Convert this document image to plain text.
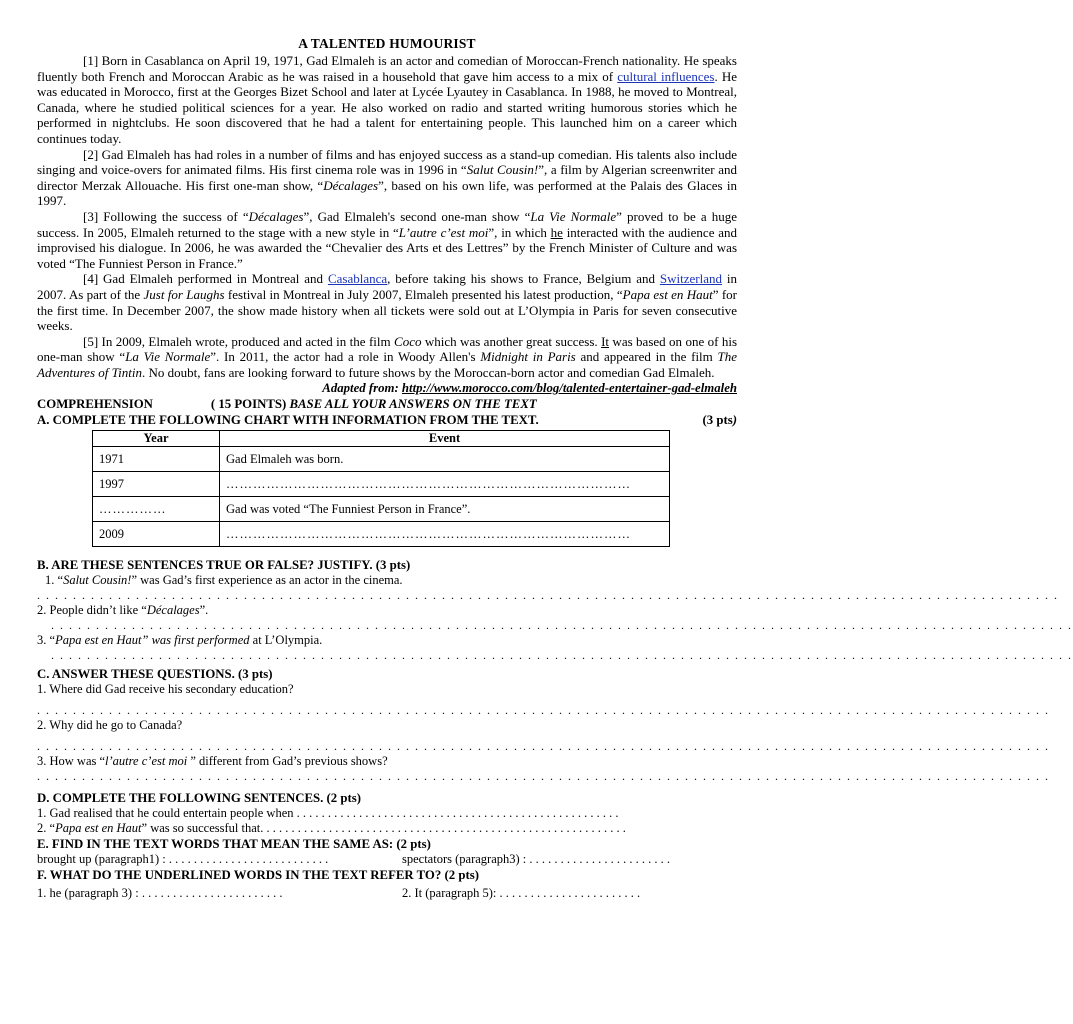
A TALENTED HUMOURIST

[1] Born in Casablanca on April 19, 1971, Gad Elmaleh is an actor and comedian of Moroccan-French nationality. He speaks fluently both French and Moroccan Arabic as he was raised in a household that gave him access to a mix of cultural influences. He was educated in Morocco, first at the Georges Bizet School and later at Lycée Lyautey in Casablanca. In 1988, he moved to Montreal, Canada, where he studied political sciences for a year. He also worked on radio and started writing humorous stories which he performed in nightclubs. He soon discovered that he had a talent for entertaining people. This launched him on a career which continues today.

[2] Gad Elmaleh has had roles in a number of films and has enjoyed success as a stand-up comedian. His talents also include singing and voice-overs for animated films. His first cinema role was in 1996 in “Salut Cousin!”, a film by Algerian screenwriter and director Merzak Allouache. His first one-man show, “Décalages”, based on his own life, was performed at the Palais des Glaces in 1997.

[3] Following the success of “Décalages”, Gad Elmaleh's second one-man show “La Vie Normale” proved to be a huge success. In 2005, Elmaleh returned to the stage with a new style in “L’autre c’est moi”, in which he interacted with the audience and improvised his dialogue. In 2006, he was awarded the “Chevalier des Arts et des Lettres” by the French Minister of Culture and was voted “The Funniest Person in France.”

[4] Gad Elmaleh performed in Montreal and Casablanca, before taking his shows to France, Belgium and Switzerland in 2007. As part of the Just for Laughs festival in Montreal in July 2007, Elmaleh presented his latest production, “Papa est en Haut” for the first time. In December 2007, the show made history when all tickets were sold out at L’Olympia in Paris for seven consecutive weeks.

[5] In 2009, Elmaleh wrote, produced and acted in the film Coco which was another great success. It was based on one of his one-man show “La Vie Normale”. In 2011, the actor had a role in Woody Allen's Midnight in Paris and appeared in the film The Adventures of Tintin. No doubt, fans are looking forward to future shows by the Moroccan-born actor and comedian Gad Elmaleh.

Adapted from: http://www.morocco.com/blog/talented-entertainer-gad-elmaleh

COMPREHENSION	( 15 POINTS) BASE ALL YOUR ANSWERS ON THE TEXT

A. COMPLETE THE FOLLOWING CHART WITH INFORMATION FROM THE TEXT.	(3 pts)

Year	Event
1971	Gad Elmaleh was born.
1997	………………………………………………………………………………
……………	Gad was voted “The Funniest Person in France”.
2009	………………………………………………………………………………

B. ARE THESE SENTENCES TRUE OR FALSE? JUSTIFY. (3 pts)

1. “Salut Cousin!” was Gad’s first experience as an actor in the cinema.

. . . . . . . . . . . . . . . . . . . . . . . . . . . . . . . . . . . . . . . . . . . . . . . . . . . . . . . . . . . . . . . . . . . . . . . . . . . . . . . . . . . . . . . . . . . . . . . . . . . . . . . . . . . . . . . . . .

2. People didn’t like “Décalages”.

. . . . . . . . . . . . . . . . . . . . . . . . . . . . . . . . . . . . . . . . . . . . . . . . . . . . . . . . . . . . . . . . . . . . . . . . . . . . . . . . . . . . . . . . . . . . . . . . . . . . . . . . . . . . . . . . . .

3. “Papa est en Haut” was first performed at L’Olympia.

. . . . . . . . . . . . . . . . . . . . . . . . . . . . . . . . . . . . . . . . . . . . . . . . . . . . . . . . . . . . . . . . . . . . . . . . . . . . . . . . . . . . . . . . . . . . . . . . . . . . . . . . . . . . . . . . . .

C. ANSWER THESE QUESTIONS. (3 pts)

1. Where did Gad receive his secondary education?

. . . . . . . . . . . . . . . . . . . . . . . . . . . . . . . . . . . . . . . . . . . . . . . . . . . . . . . . . . . . . . . . . . . . . . . . . . . . . . . . . . . . . . . . . . . . . . . . . . . . . . . . . . . . . . . . .

2. Why did he go to Canada?

. . . . . . . . . . . . . . . . . . . . . . . . . . . . . . . . . . . . . . . . . . . . . . . . . . . . . . . . . . . . . . . . . . . . . . . . . . . . . . . . . . . . . . . . . . . . . . . . . . . . . . . . . . . . . . . . .

3. How was “l’autre c’est moi ” different from Gad’s previous shows?

. . . . . . . . . . . . . . . . . . . . . . . . . . . . . . . . . . . . . . . . . . . . . . . . . . . . . . . . . . . . . . . . . . . . . . . . . . . . . . . . . . . . . . . . . . . . . . . . . . . . . . . . . . . . . . . . .

D. COMPLETE THE FOLLOWING SENTENCES. (2 pts)

1. Gad realised that he could entertain people when . . . . . . . . . . . . . . . . . . . . . . . . . . . . . . . . . . . . . . . . . . . . . . . . . . . .

2. “Papa est en Haut” was so successful that. . . . . . . . . . . . . . . . . . . . . . . . . . . . . . . . . . . . . . . . . . . . . . . . . . . . . . . . . . .

E. FIND IN THE TEXT WORDS THAT MEAN THE SAME AS: (2 pts)

brought up (paragraph1) : . . . . . . . . . . . . . . . . . . . . . . . . . .	spectators (paragraph3) : . . . . . . . . . . . . . . . . . . . . . . .

F. WHAT DO THE UNDERLINED WORDS IN THE TEXT REFER TO? (2 pts)

1. he (paragraph 3) : . . . . . . . . . . . . . . . . . . . . . . .	2. It (paragraph 5): . . . . . . . . . . . . . . . . . . . . . . .
